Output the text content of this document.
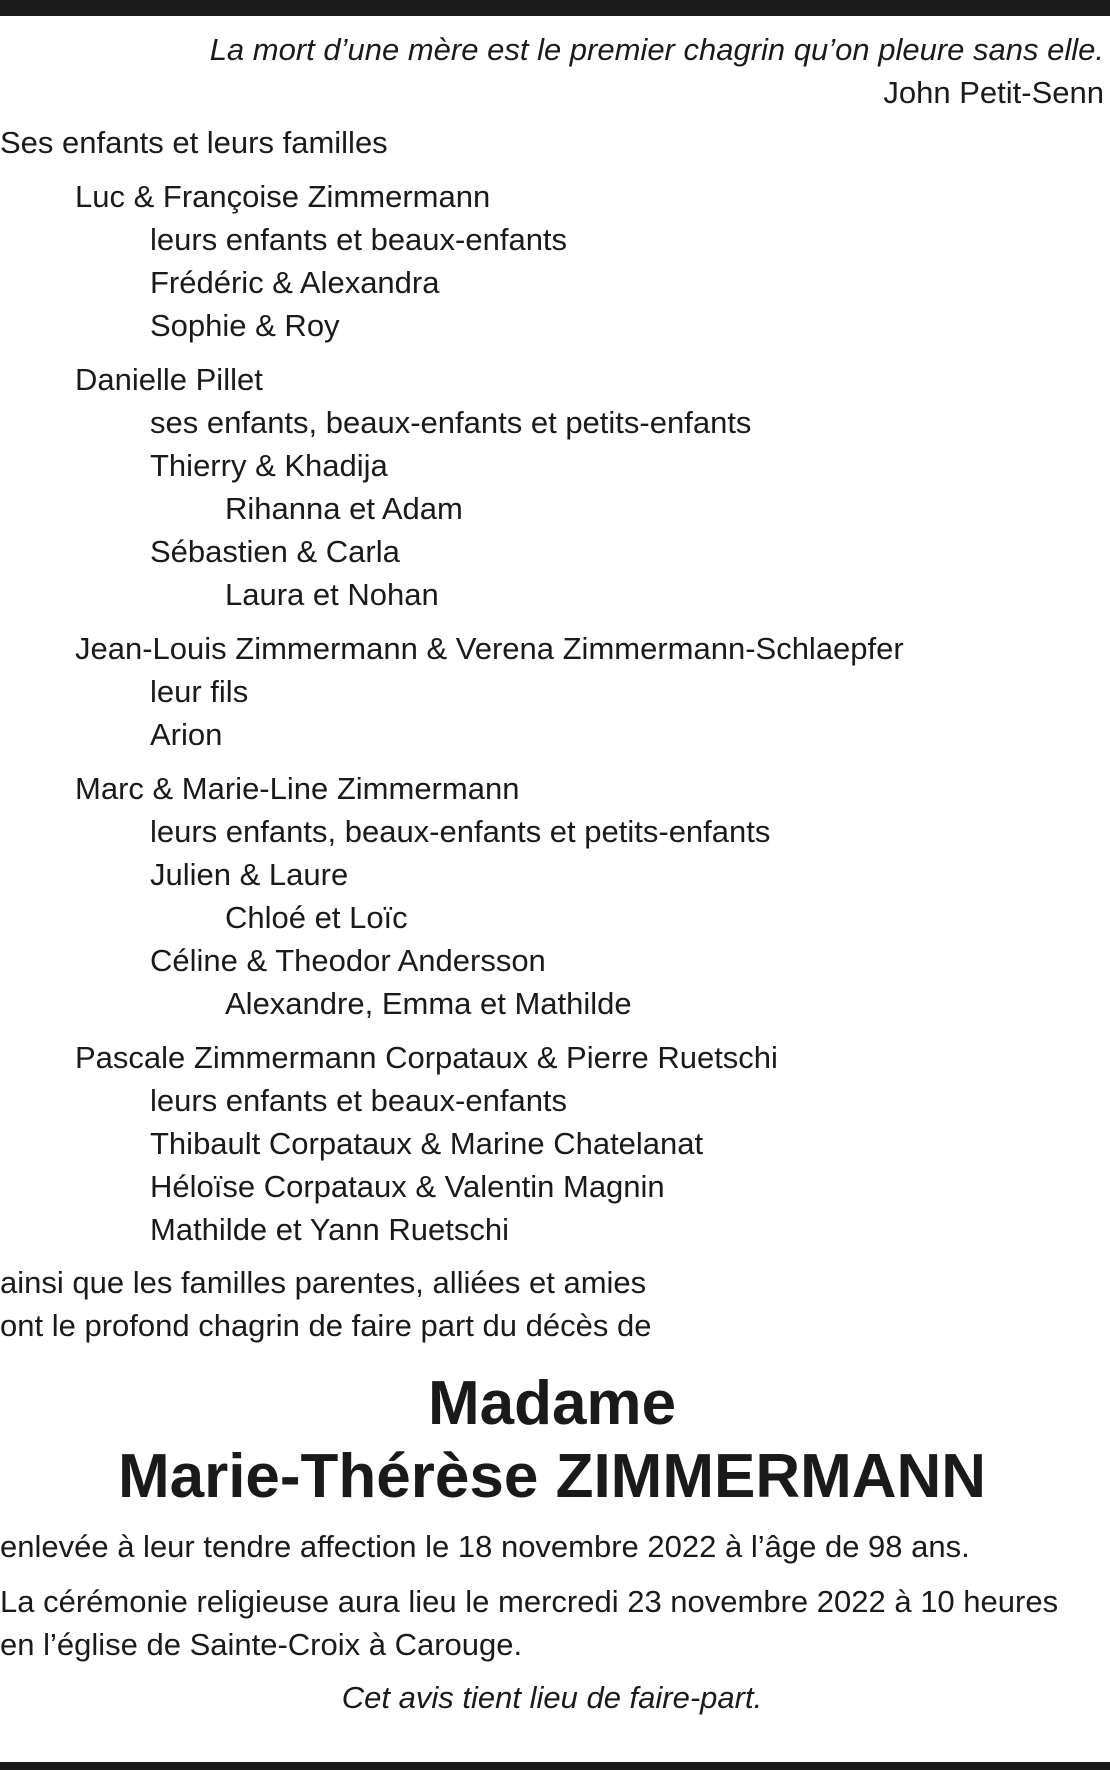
La mort d’une mère est le premier chagrin qu’on pleure sans elle.
John Petit-Senn
Ses enfants et leurs familles
Luc & Françoise Zimmermann
leurs enfants et beaux-enfants
Frédéric & Alexandra
Sophie & Roy
Danielle Pillet
ses enfants, beaux-enfants et petits-enfants
Thierry & Khadija
Rihanna et Adam
Sébastien & Carla
Laura et Nohan
Jean-Louis Zimmermann & Verena Zimmermann-Schlaepfer
leur fils
Arion
Marc & Marie-Line Zimmermann
leurs enfants, beaux-enfants et petits-enfants
Julien & Laure
Chloé et Loïc
Céline & Theodor Andersson
Alexandre, Emma et Mathilde
Pascale Zimmermann Corpataux & Pierre Ruetschi
leurs enfants et beaux-enfants
Thibault Corpataux & Marine Chatelanat
Héloïse Corpataux & Valentin Magnin
Mathilde et Yann Ruetschi
ainsi que les familles parentes, alliées et amies
ont le profond chagrin de faire part du décès de
Madame
Marie-Thérèse ZIMMERMANN
enlevée à leur tendre affection le 18 novembre 2022 à l’âge de 98 ans.
La cérémonie religieuse aura lieu le mercredi 23 novembre 2022 à 10 heures
en l’église de Sainte-Croix à Carouge.
Cet avis tient lieu de faire-part.
